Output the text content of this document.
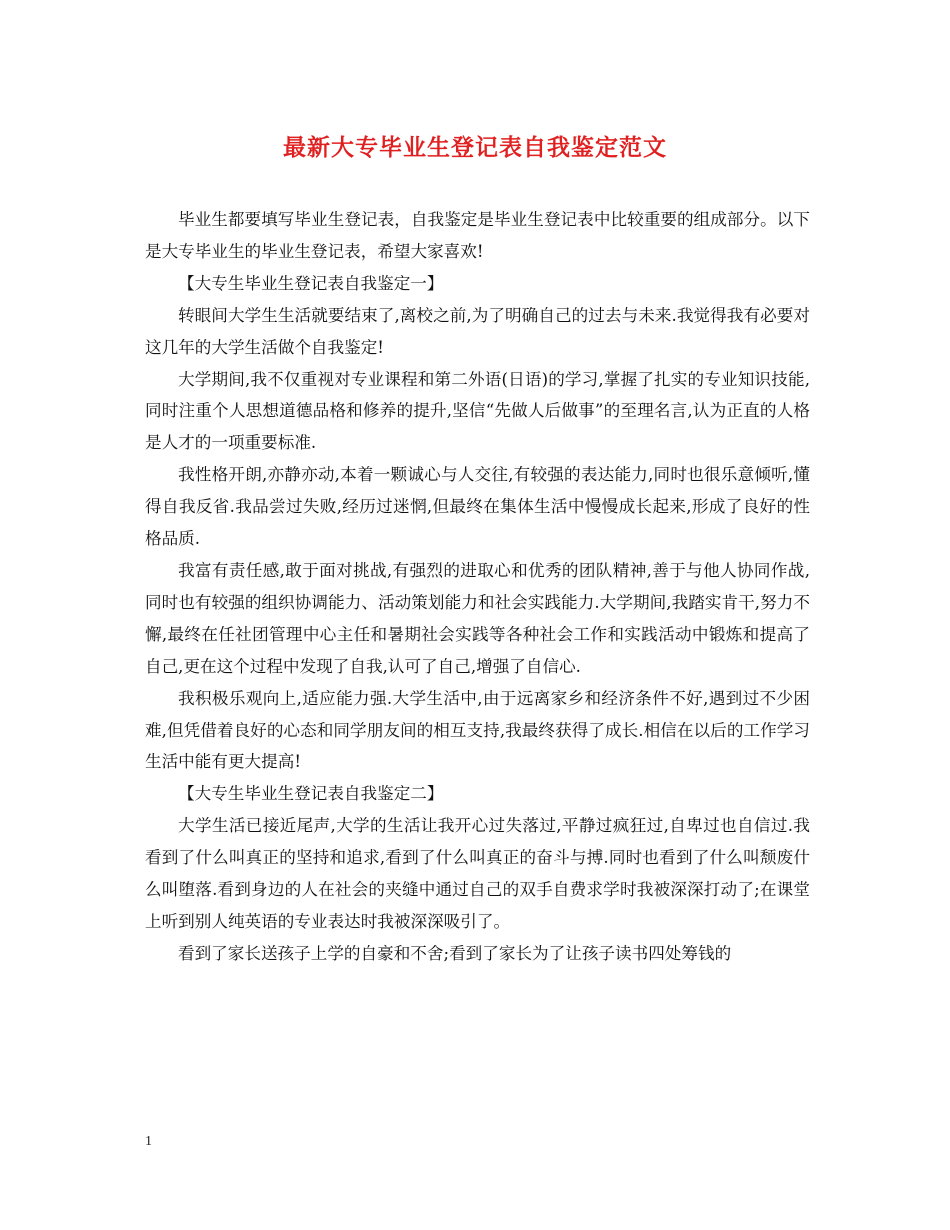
最新大专毕业生登记表自我鉴定范文

毕业生都要填写毕业生登记表，自我鉴定是毕业生登记表中比较重要的组成部分。以下是大专毕业生的毕业生登记表，希望大家喜欢!

【大专生毕业生登记表自我鉴定一】

转眼间大学生生活就要结束了,离校之前,为了明确自己的过去与未来.我觉得我有必要对这几年的大学生活做个自我鉴定!

大学期间,我不仅重视对专业课程和第二外语(日语)的学习,掌握了扎实的专业知识技能,同时注重个人思想道德品格和修养的提升,坚信“先做人后做事”的至理名言,认为正直的人格是人才的一项重要标准.

我性格开朗,亦静亦动,本着一颗诚心与人交往,有较强的表达能力,同时也很乐意倾听,懂得自我反省.我品尝过失败,经历过迷惘,但最终在集体生活中慢慢成长起来,形成了良好的性格品质.

我富有责任感,敢于面对挑战,有强烈的进取心和优秀的团队精神,善于与他人协同作战,同时也有较强的组织协调能力、活动策划能力和社会实践能力.大学期间,我踏实肯干,努力不懈,最终在任社团管理中心主任和暑期社会实践等各种社会工作和实践活动中锻炼和提高了自己,更在这个过程中发现了自我,认可了自己,增强了自信心.

我积极乐观向上,适应能力强.大学生活中,由于远离家乡和经济条件不好,遇到过不少困难,但凭借着良好的心态和同学朋友间的相互支持,我最终获得了成长.相信在以后的工作学习生活中能有更大提高!

【大专生毕业生登记表自我鉴定二】

大学生活已接近尾声,大学的生活让我开心过失落过,平静过疯狂过,自卑过也自信过.我看到了什么叫真正的坚持和追求,看到了什么叫真正的奋斗与搏.同时也看到了什么叫颓废什么叫堕落.看到身边的人在社会的夹缝中通过自己的双手自费求学时我被深深打动了;在课堂上听到别人纯英语的专业表达时我被深深吸引了。

看到了家长送孩子上学的自豪和不舍;看到了家长为了让孩子读书四处筹钱的

1
